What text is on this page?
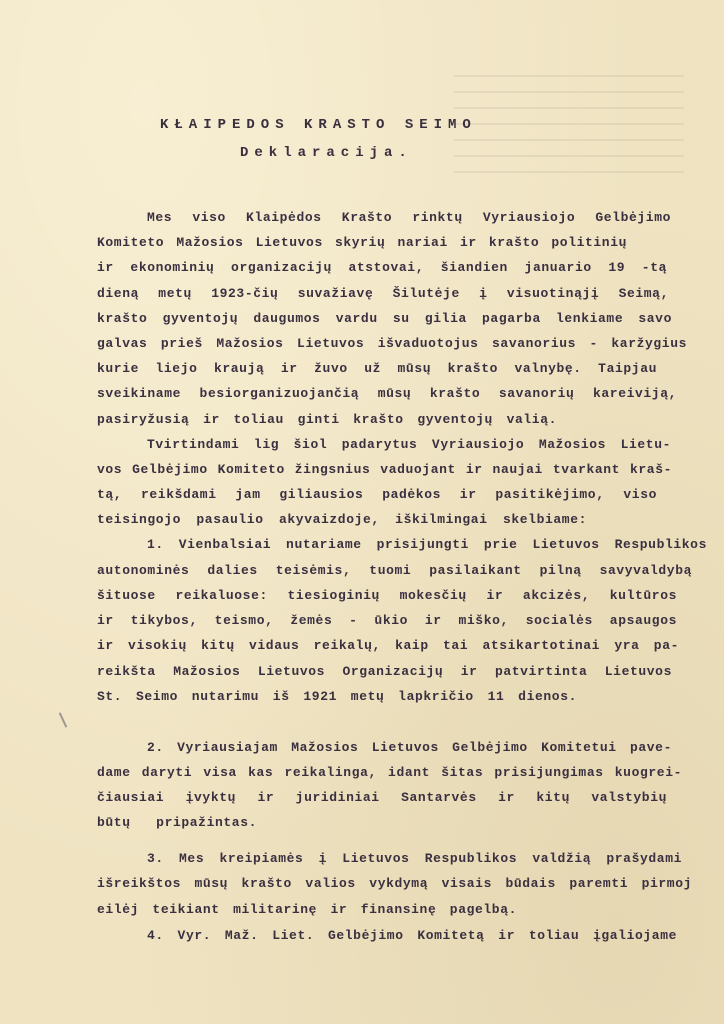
KŁAIPEDOS KRASTO SEIMO
Deklaracija.
Mes viso Klaipėdos Krašto rinktų Vyriausiojo Gelbėjimo
Komiteto Mažosios Lietuvos skyrių nariai ir krašto politinių
ir ekonominių organizacijų atstovai, šiandien januario 19 -tą
dieną metų 1923-čių suvažiavę Šilutėje į visuotinąjį Seimą,
krašto gyventojų daugumos vardu su gilia pagarba lenkiame savo
galvas prieš Mažosios Lietuvos išvaduotojus savanorius - karžygius
kurie liejo kraują ir žuvo už mūsų krašto valnybę. Taipjau
sveikiname besiorganizuojančią mūsų krašto savanorių kareiviją,
pasiryžusią ir toliau ginti krašto gyventojų valią.
Tvirtindami lig šiol padarytus Vyriausiojo Mažosios Lietu-
vos Gelbėjimo Komiteto žingsnius vaduojant ir naujai tvarkant kraš-
tą, reikšdami jam giliausios padėkos ir pasitikėjimo, viso
teisingojo pasaulio akyvaizdoje, iškilmingai skelbiame:
1. Vienbalsiai nutariame prisijungti prie Lietuvos Respublikos
autonominės dalies teisėmis, tuomi pasilaikant pilną savyvaldybą
šituose reikaluose: tiesioginių mokesčių ir akcizės, kultūros
ir tikybos, teismo, žemės - ūkio ir miško, socialės apsaugos
ir visokių kitų vidaus reikalų, kaip tai atsikartotinai yra pa-
reikšta Mažosios Lietuvos Organizacijų ir patvirtinta Lietuvos
St. Seimo nutarimu iš 1921 metų lapkričio 11 dienos.
2. Vyriausiajam Mažosios Lietuvos Gelbėjimo Komitetui pave-
dame daryti visa kas reikalinga, idant šitas prisijungimas kuogrei-
čiausiai įvyktų ir juridiniai Santarvės ir kitų valstybių
būtų pripažintas.
3. Mes kreipiamės į Lietuvos Respublikos valdžią prašydami
išreikštos mūsų krašto valios vykdymą visais būdais paremti pirmoj
eilėj teikiant militarinę ir finansinę pagelbą.
4. Vyr. Maž. Liet. Gelbėjimo Komitetą ir toliau įgaliojame
